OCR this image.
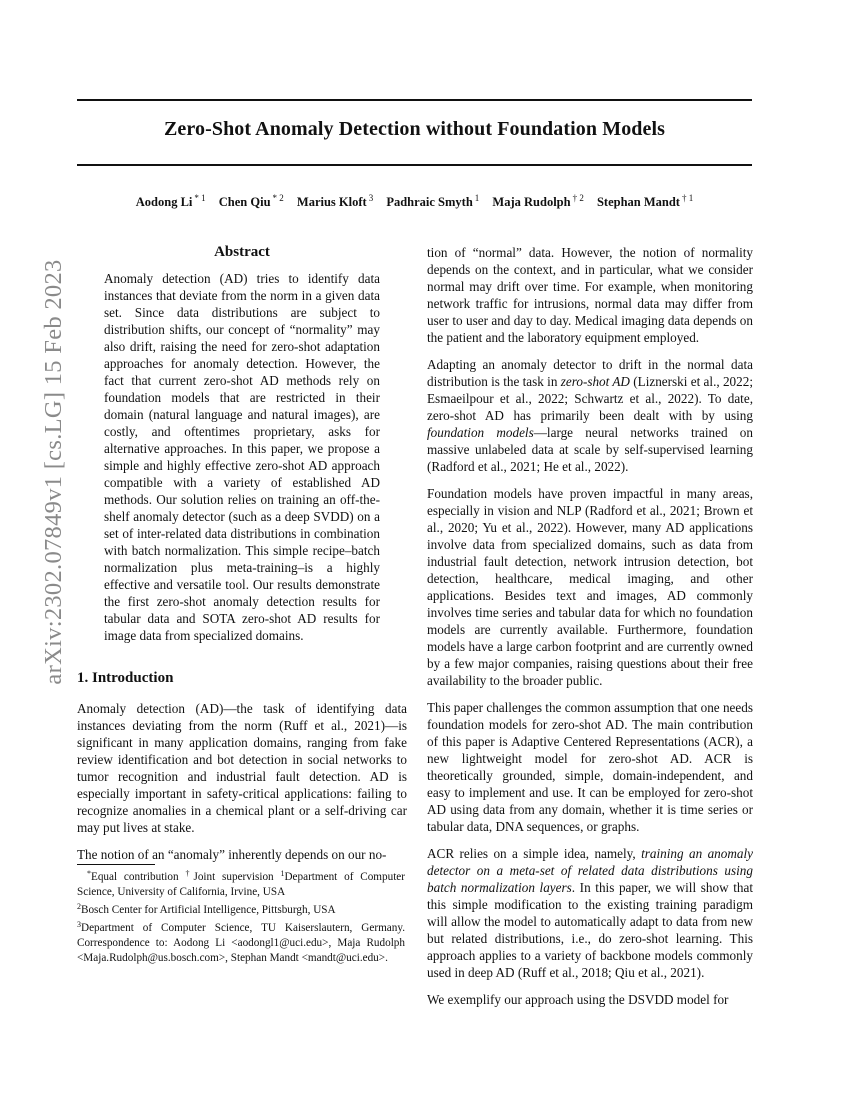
arXiv:2302.07849v1 [cs.LG] 15 Feb 2023
Zero-Shot Anomaly Detection without Foundation Models
Aodong Li $^{* 1}$ Chen Qiu $^{* 2}$ Marius Kloft $^3$ Padhraic Smyth $^1$ Maja Rudolph $^{\dagger 2}$ Stephan Mandt $^{\dagger 1}$
Abstract
Anomaly detection (AD) tries to identify data instances that deviate from the norm in a given data set. Since data distributions are subject to distribution shifts, our concept of “normality” may also drift, raising the need for zero-shot adaptation approaches for anomaly detection. However, the fact that current zero-shot AD methods rely on foundation models that are restricted in their domain (natural language and natural images), are costly, and oftentimes proprietary, asks for alternative approaches. In this paper, we propose a simple and highly effective zero-shot AD approach compatible with a variety of established AD methods. Our solution relies on training an off-the-shelf anomaly detector (such as a deep SVDD) on a set of inter-related data distributions in combination with batch normalization. This simple recipe–batch normalization plus meta-training–is a highly effective and versatile tool. Our results demonstrate the first zero-shot anomaly detection results for tabular data and SOTA zero-shot AD results for image data from specialized domains.
1. Introduction

Anomaly detection (AD)—the task of identifying data instances deviating from the norm (Ruff et al., 2021)—is significant in many application domains, ranging from fake review identification and bot detection in social networks to tumor recognition and industrial fault detection. AD is especially important in safety-critical applications: failing to recognize anomalies in a chemical plant or a self-driving car may put lives at stake.

The notion of an “anomaly” inherently depends on our no-

*Equal contribution †Joint supervision $^1$Department of Computer Science, University of California, Irvine, USA

$^2$Bosch Center for Artificial Intelligence, Pittsburgh, USA

$^3$Department of Computer Science, TU Kaiserslautern, Germany. Correspondence to: Aodong Li <aodongl1@uci.edu>, Maja Rudolph <Maja.Rudolph@us.bosch.com>, Stephan Mandt <mandt@uci.edu>.

tion of “normal” data. However, the notion of normality depends on the context, and in particular, what we consider normal may drift over time. For example, when monitoring network traffic for intrusions, normal data may differ from user to user and day to day. Medical imaging data depends on the patient and the laboratory equipment employed.

Adapting an anomaly detector to drift in the normal data distribution is the task in zero-shot AD (Liznerski et al., 2022; Esmaeilpour et al., 2022; Schwartz et al., 2022). To date, zero-shot AD has primarily been dealt with by using foundation models—large neural networks trained on massive unlabeled data at scale by self-supervised learning (Radford et al., 2021; He et al., 2022).

Foundation models have proven impactful in many areas, especially in vision and NLP (Radford et al., 2021; Brown et al., 2020; Yu et al., 2022). However, many AD applications involve data from specialized domains, such as data from industrial fault detection, network intrusion detection, bot detection, healthcare, medical imaging, and other applications. Besides text and images, AD commonly involves time series and tabular data for which no foundation models are currently available. Furthermore, foundation models have a large carbon footprint and are currently owned by a few major companies, raising questions about their free availability to the broader public.

This paper challenges the common assumption that one needs foundation models for zero-shot AD. The main contribution of this paper is Adaptive Centered Representations (ACR), a new lightweight model for zero-shot AD. ACR is theoretically grounded, simple, domain-independent, and easy to implement and use. It can be employed for zero-shot AD using data from any domain, whether it is time series or tabular data, DNA sequences, or graphs.

ACR relies on a simple idea, namely, training an anomaly detector on a meta-set of related data distributions using batch normalization layers. In this paper, we will show that this simple modification to the existing training paradigm will allow the model to automatically adapt to data from new but related distributions, i.e., do zero-shot learning. This approach applies to a variety of backbone models commonly used in deep AD (Ruff et al., 2018; Qiu et al., 2021).

We exemplify our approach using the DSVDD model for
